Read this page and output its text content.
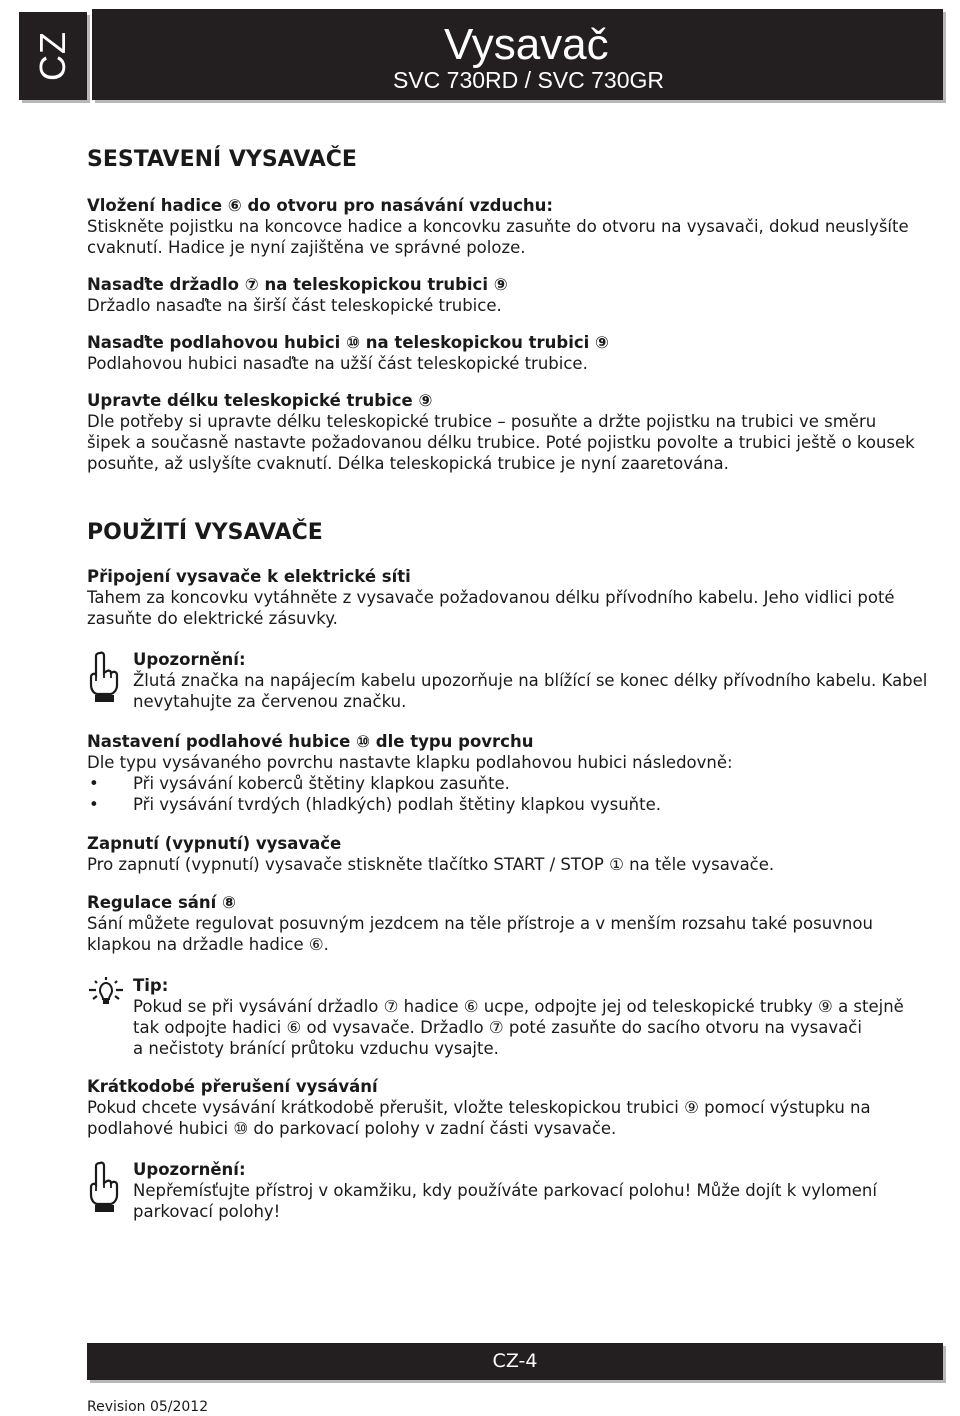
CZ	Vysavač
SVC 730RD / SVC 730GR
SESTAVENÍ VYSAVAČE
Vložení hadice ⑥ do otvoru pro nasávání vzduchu:
Stiskněte pojistku na koncovce hadice a koncovku zasuňte do otvoru na vysavači, dokud neuslyšíte
cvaknutí. Hadice je nyní zajištěna ve správné poloze.
Nasaďte držadlo ⑦ na teleskopickou trubici ⑨
Držadlo nasaďte na širší část teleskopické trubice.
Nasaďte podlahovou hubici ⑩ na teleskopickou trubici ⑨
Podlahovou hubici nasaďte na užší část teleskopické trubice.
Upravte délku teleskopické trubice ⑨
Dle potřeby si upravte délku teleskopické trubice – posuňte a držte pojistku na trubici ve směru
šipek a současně nastavte požadovanou délku trubice. Poté pojistku povolte a trubici ještě o kousek
posuňte, až uslyšíte cvaknutí. Délka teleskopická trubice je nyní zaaretována.
POUŽITÍ VYSAVAČE
Připojení vysavače k elektrické síti
Tahem za koncovku vytáhněte z vysavače požadovanou délku přívodního kabelu. Jeho vidlici poté
zasuňte do elektrické zásuvky.
Upozornění:
Žlutá značka na napájecím kabelu upozorňuje na blížící se konec délky přívodního kabelu. Kabel
nevytahujte za červenou značku.
Nastavení podlahové hubice ⑩ dle typu povrchu
Dle typu vysávaného povrchu nastavte klapku podlahovou hubici následovně:
• Při vysávání koberců štětiny klapkou zasuňte.
• Při vysávání tvrdých (hladkých) podlah štětiny klapkou vysuňte.
Zapnutí (vypnutí) vysavače
Pro zapnutí (vypnutí) vysavače stiskněte tlačítko START / STOP ① na těle vysavače.
Regulace sání ⑧
Sání můžete regulovat posuvným jezdcem na těle přístroje a v menším rozsahu také posuvnou
klapkou na držadle hadice ⑥.
Tip:
Pokud se při vysávání držadlo ⑦ hadice ⑥ ucpe, odpojte jej od teleskopické trubky ⑨ a stejně
tak odpojte hadici ⑥ od vysavače. Držadlo ⑦ poté zasuňte do sacího otvoru na vysavači
a nečistoty bránící průtoku vzduchu vysajte.
Krátkodobé přerušení vysávání
Pokud chcete vysávání krátkodobě přerušit, vložte teleskopickou trubici ⑨ pomocí výstupku na
podlahové hubici ⑩ do parkovací polohy v zadní části vysavače.
Upozornění:
Nepřemísťujte přístroj v okamžiku, kdy používáte parkovací polohu! Může dojít k vylomení
parkovací polohy!
CZ-4
Revision 05/2012
